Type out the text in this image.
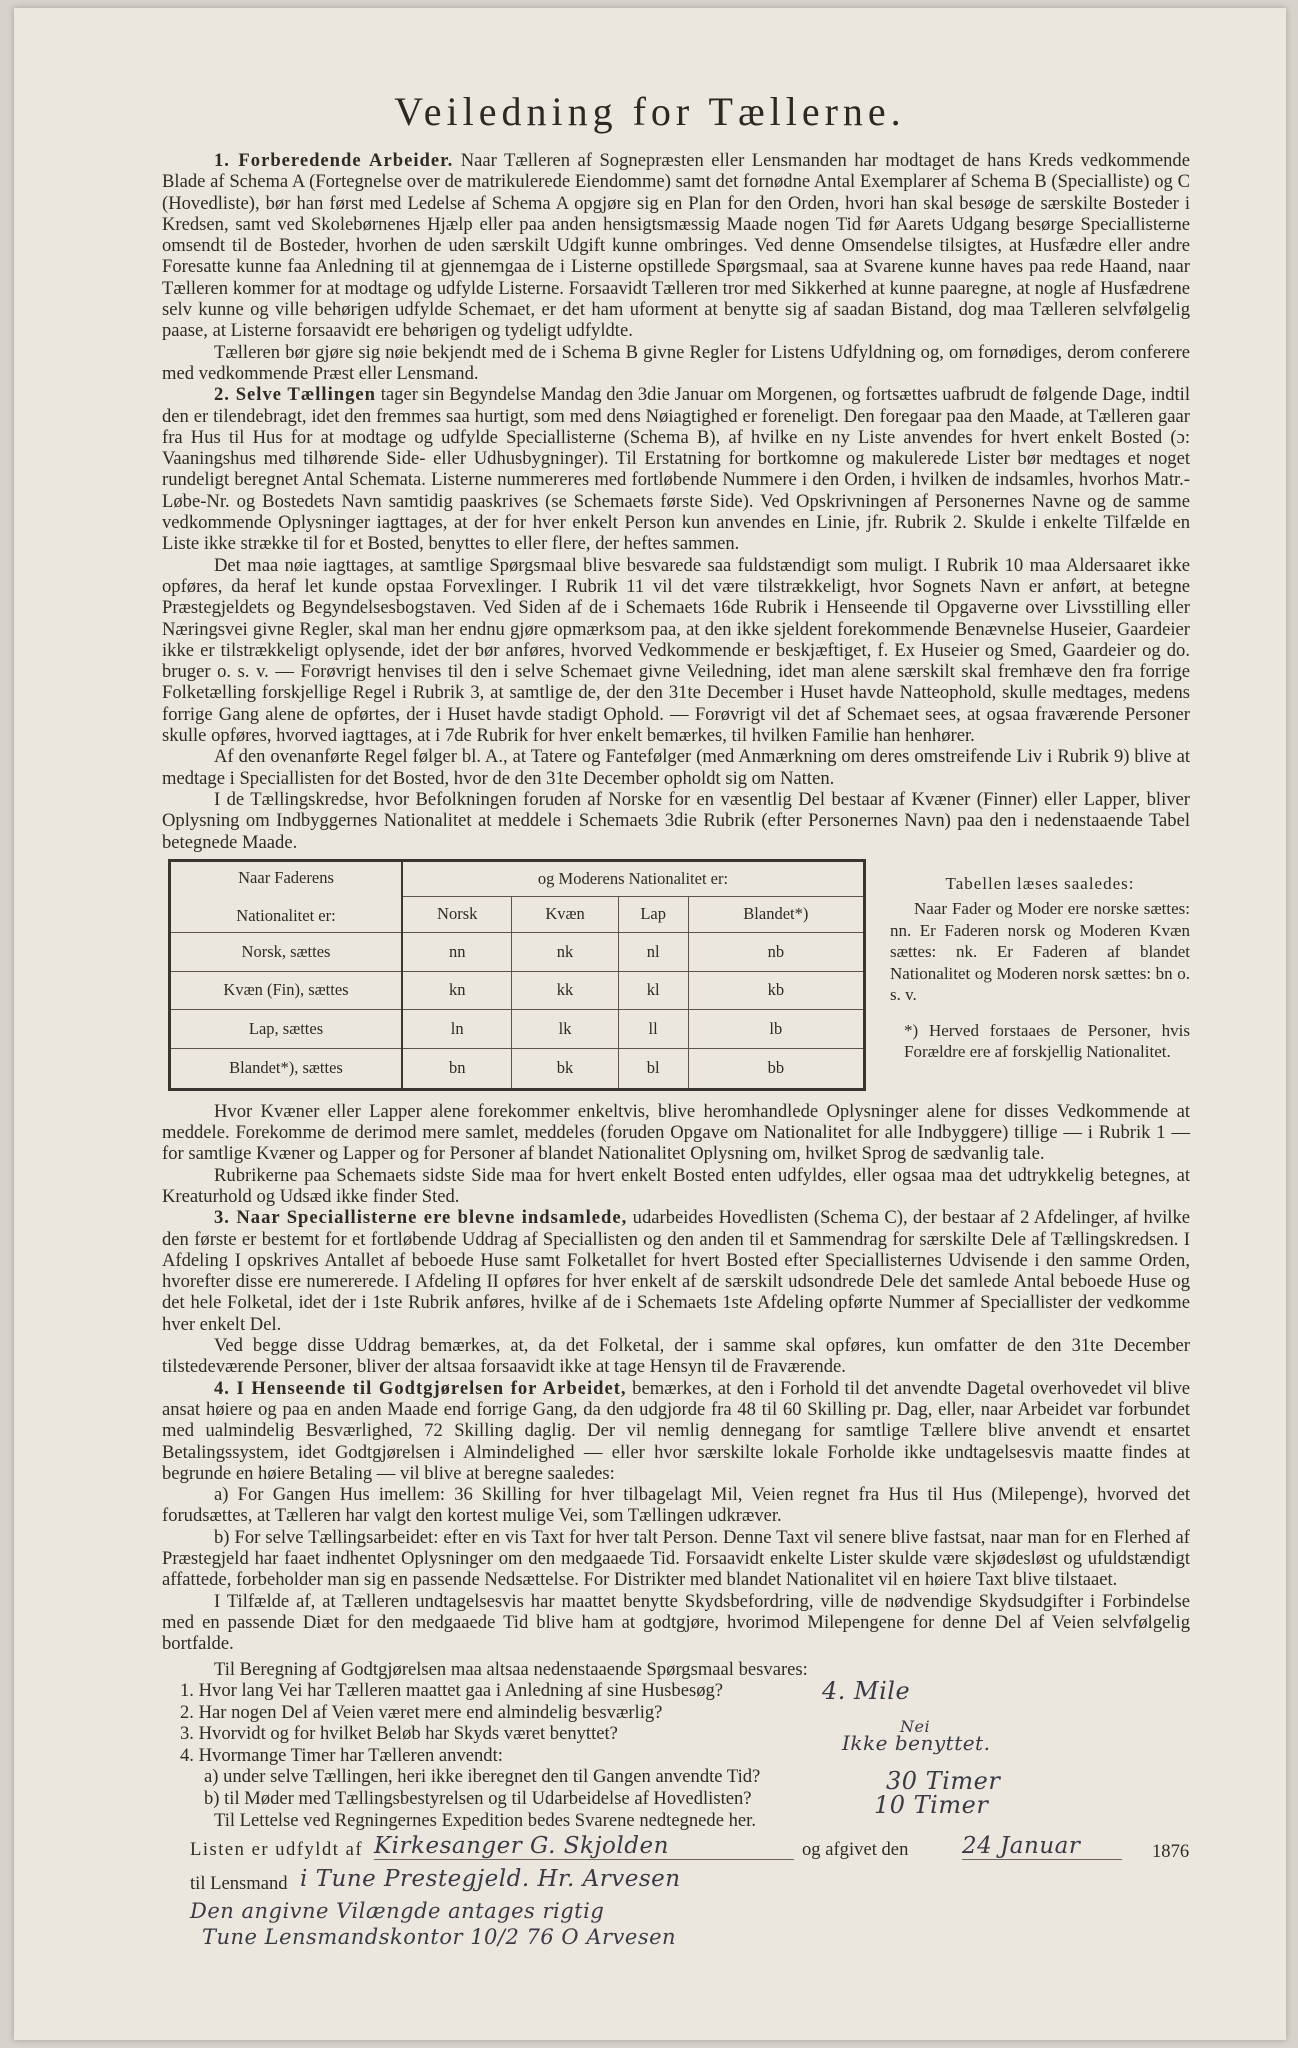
Veiledning for Tællerne.

1. Forberedende Arbeider. Naar Tælleren af Sognepræsten eller Lensmanden har modtaget de hans Kreds vedkommende Blade af Schema A (Fortegnelse over de matrikulerede Eiendomme) samt det fornødne Antal Exemplarer af Schema B (Specialliste) og C (Hovedliste), bør han først med Ledelse af Schema A opgjøre sig en Plan for den Orden, hvori han skal besøge de særskilte Bosteder i Kredsen, samt ved Skolebørnenes Hjælp eller paa anden hensigtsmæssig Maade nogen Tid før Aarets Udgang besørge Speciallisterne omsendt til de Bosteder, hvorhen de uden særskilt Udgift kunne ombringes. Ved denne Omsendelse tilsigtes, at Husfædre eller andre Foresatte kunne faa Anledning til at gjennemgaa de i Listerne opstillede Spørgsmaal, saa at Svarene kunne haves paa rede Haand, naar Tælleren kommer for at modtage og udfylde Listerne. Forsaavidt Tælleren tror med Sikkerhed at kunne paaregne, at nogle af Husfædrene selv kunne og ville behørigen udfylde Schemaet, er det ham uforment at benytte sig af saadan Bistand, dog maa Tælleren selvfølgelig paase, at Listerne forsaavidt ere behørigen og tydeligt udfyldte.

Tælleren bør gjøre sig nøie bekjendt med de i Schema B givne Regler for Listens Udfyldning og, om fornødiges, derom conferere med vedkommende Præst eller Lensmand.

2. Selve Tællingen tager sin Begyndelse Mandag den 3die Januar om Morgenen, og fortsættes uafbrudt de følgende Dage, indtil den er tilendebragt, idet den fremmes saa hurtigt, som med dens Nøiagtighed er foreneligt. Den foregaar paa den Maade, at Tælleren gaar fra Hus til Hus for at modtage og udfylde Speciallisterne (Schema B), af hvilke en ny Liste anvendes for hvert enkelt Bosted (ɔ: Vaaningshus med tilhørende Side- eller Udhusbygninger). Til Erstatning for bortkomne og makulerede Lister bør medtages et noget rundeligt beregnet Antal Schemata. Listerne nummereres med fortløbende Nummere i den Orden, i hvilken de indsamles, hvorhos Matr.-Løbe-Nr. og Bostedets Navn samtidig paaskrives (se Schemaets første Side). Ved Opskrivningen af Personernes Navne og de samme vedkommende Oplysninger iagttages, at der for hver enkelt Person kun anvendes en Linie, jfr. Rubrik 2. Skulde i enkelte Tilfælde en Liste ikke strække til for et Bosted, benyttes to eller flere, der heftes sammen.

Det maa nøie iagttages, at samtlige Spørgsmaal blive besvarede saa fuldstændigt som muligt. I Rubrik 10 maa Aldersaaret ikke opføres, da heraf let kunde opstaa Forvexlinger. I Rubrik 11 vil det være tilstrækkeligt, hvor Sognets Navn er anført, at betegne Præstegjeldets og Begyndelsesbogstaven. Ved Siden af de i Schemaets 16de Rubrik i Henseende til Opgaverne over Livsstilling eller Næringsvei givne Regler, skal man her endnu gjøre opmærksom paa, at den ikke sjeldent forekommende Benævnelse Huseier, Gaardeier ikke er tilstrækkeligt oplysende, idet der bør anføres, hvorved Vedkommende er beskjæftiget, f. Ex Huseier og Smed, Gaardeier og do. bruger o. s. v. — Forøvrigt henvises til den i selve Schemaet givne Veiledning, idet man alene særskilt skal fremhæve den fra forrige Folketælling forskjellige Regel i Rubrik 3, at samtlige de, der den 31te December i Huset havde Natteophold, skulle medtages, medens forrige Gang alene de opførtes, der i Huset havde stadigt Ophold. — Forøvrigt vil det af Schemaet sees, at ogsaa fraværende Personer skulle opføres, hvorved iagttages, at i 7de Rubrik for hver enkelt bemærkes, til hvilken Familie han henhører.

Af den ovenanførte Regel følger bl. A., at Tatere og Fantefølger (med Anmærkning om deres omstreifende Liv i Rubrik 9) blive at medtage i Speciallisten for det Bosted, hvor de den 31te December opholdt sig om Natten.

I de Tællingskredse, hvor Befolkningen foruden af Norske for en væsentlig Del bestaar af Kvæner (Finner) eller Lapper, bliver Oplysning om Indbyggernes Nationalitet at meddele i Schemaets 3die Rubrik (efter Personernes Navn) paa den i nedenstaaende Tabel betegnede Maade.

Naar Faderens
Nationalitet er:	og Moderens Nationalitet er:			
	Norsk	Kvæn	Lap	Blandet*)
Norsk, sættes	nn	nk	nl	nb
Kvæn (Fin), sættes	kn	kk	kl	kb
Lap, sættes	ln	lk	ll	lb
Blandet*), sættes	bn	bk	bl	bb
Tabellen læses saaledes:
Naar Fader og Moder ere norske sættes: nn. Er Faderen norsk og Moderen Kvæn sættes: nk. Er Faderen af blandet Nationalitet og Moderen norsk sættes: bn o. s. v.
*) Herved forstaaes de Personer, hvis Forældre ere af forskjellig Nationalitet.

Hvor Kvæner eller Lapper alene forekommer enkeltvis, blive heromhandlede Oplysninger alene for disses Vedkommende at meddele. Forekomme de derimod mere samlet, meddeles (foruden Opgave om Nationalitet for alle Indbyggere) tillige — i Rubrik 1 — for samtlige Kvæner og Lapper og for Personer af blandet Nationalitet Oplysning om, hvilket Sprog de sædvanlig tale.

Rubrikerne paa Schemaets sidste Side maa for hvert enkelt Bosted enten udfyldes, eller ogsaa maa det udtrykkelig betegnes, at Kreaturhold og Udsæd ikke finder Sted.

3. Naar Speciallisterne ere blevne indsamlede, udarbeides Hovedlisten (Schema C), der bestaar af 2 Afdelinger, af hvilke den første er bestemt for et fortløbende Uddrag af Speciallisten og den anden til et Sammendrag for særskilte Dele af Tællingskredsen. I Afdeling I opskrives Antallet af beboede Huse samt Folketallet for hvert Bosted efter Speciallisternes Udvisende i den samme Orden, hvorefter disse ere numererede. I Afdeling II opføres for hver enkelt af de særskilt udsondrede Dele det samlede Antal beboede Huse og det hele Folketal, idet der i 1ste Rubrik anføres, hvilke af de i Schemaets 1ste Afdeling opførte Nummer af Speciallister der vedkomme hver enkelt Del.

Ved begge disse Uddrag bemærkes, at, da det Folketal, der i samme skal opføres, kun omfatter de den 31te December tilstedeværende Personer, bliver der altsaa forsaavidt ikke at tage Hensyn til de Fraværende.

4. I Henseende til Godtgjørelsen for Arbeidet, bemærkes, at den i Forhold til det anvendte Dagetal overhovedet vil blive ansat høiere og paa en anden Maade end forrige Gang, da den udgjorde fra 48 til 60 Skilling pr. Dag, eller, naar Arbeidet var forbundet med ualmindelig Besværlighed, 72 Skilling daglig. Der vil nemlig dennegang for samtlige Tællere blive anvendt et ensartet Betalingssystem, idet Godtgjørelsen i Almindelighed — eller hvor særskilte lokale Forholde ikke undtagelsesvis maatte findes at begrunde en høiere Betaling — vil blive at beregne saaledes:

a) For Gangen Hus imellem: 36 Skilling for hver tilbagelagt Mil, Veien regnet fra Hus til Hus (Milepenge), hvorved det forudsættes, at Tælleren har valgt den kortest mulige Vei, som Tællingen udkræver.

b) For selve Tællingsarbeidet: efter en vis Taxt for hver talt Person. Denne Taxt vil senere blive fastsat, naar man for en Flerhed af Præstegjeld har faaet indhentet Oplysninger om den medgaaede Tid. Forsaavidt enkelte Lister skulde være skjødesløst og ufuldstændigt affattede, forbeholder man sig en passende Nedsættelse. For Distrikter med blandet Nationalitet vil en høiere Taxt blive tilstaaet.

I Tilfælde af, at Tælleren undtagelsesvis har maattet benytte Skydsbefordring, ville de nødvendige Skydsudgifter i Forbindelse med en passende Diæt for den medgaaede Tid blive ham at godtgjøre, hvorimod Milepengene for denne Del af Veien selvfølgelig bortfalde.

Til Beregning af Godtgjørelsen maa altsaa nedenstaaende Spørgsmaal besvares:
1. Hvor lang Vei har Tælleren maattet gaa i Anledning af sine Husbesøg?
2. Har nogen Del af Veien været mere end almindelig besværlig?
3. Hvorvidt og for hvilket Beløb har Skyds været benyttet?
4. Hvormange Timer har Tælleren anvendt:
a) under selve Tællingen, heri ikke iberegnet den til Gangen anvendte Tid?
b) til Møder med Tællingsbestyrelsen og til Udarbeidelse af Hovedlisten?
Til Lettelse ved Regningernes Expedition bedes Svarene nedtegnede her.
4. Mile
Nei
Ikke benyttet.
30 Timer
10 Timer
Listen er udfyldt af Kirkesanger G. Skjolden	og afgivet den 24 Januar	1876
til Lensmand i Tune Prestegjeld. Hr. Arvesen
Den angivne Vilængde antages rigtig
Tune Lensmandskontor 10/2 76 O Arvesen
